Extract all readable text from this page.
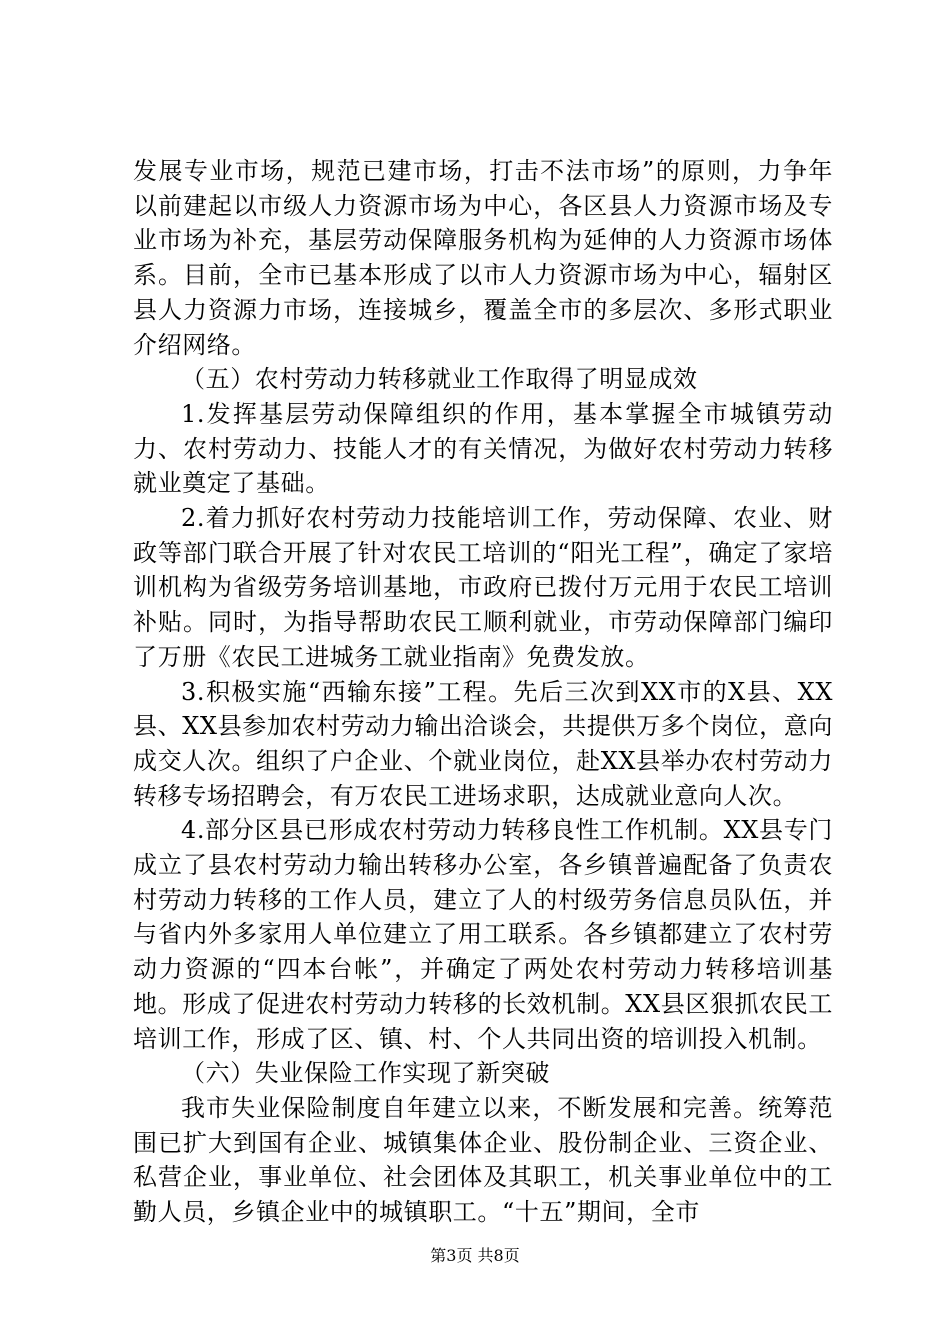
发展专业市场，规范已建市场，打击不法市场”的原则，力争年以前建起以市级人力资源市场为中心，各区县人力资源市场及专业市场为补充，基层劳动保障服务机构为延伸的人力资源市场体系。目前，全市已基本形成了以市人力资源市场为中心，辐射区县人力资源力市场，连接城乡，覆盖全市的多层次、多形式职业介绍网络。

（五）农村劳动力转移就业工作取得了明显成效

1.发挥基层劳动保障组织的作用，基本掌握全市城镇劳动力、农村劳动力、技能人才的有关情况，为做好农村劳动力转移就业奠定了基础。

2.着力抓好农村劳动力技能培训工作，劳动保障、农业、财政等部门联合开展了针对农民工培训的“阳光工程”，确定了家培训机构为省级劳务培训基地，市政府已拨付万元用于农民工培训补贴。同时，为指导帮助农民工顺利就业，市劳动保障部门编印了万册《农民工进城务工就业指南》免费发放。

3.积极实施“西输东接”工程。先后三次到XX市的X县、XX县、XX县参加农村劳动力输出洽谈会，共提供万多个岗位，意向成交人次。组织了户企业、个就业岗位，赴XX县举办农村劳动力转移专场招聘会，有万农民工进场求职，达成就业意向人次。

4.部分区县已形成农村劳动力转移良性工作机制。XX县专门成立了县农村劳动力输出转移办公室，各乡镇普遍配备了负责农村劳动力转移的工作人员，建立了人的村级劳务信息员队伍，并与省内外多家用人单位建立了用工联系。各乡镇都建立了农村劳动力资源的“四本台帐”，并确定了两处农村劳动力转移培训基地。形成了促进农村劳动力转移的长效机制。XX县区狠抓农民工培训工作，形成了区、镇、村、个人共同出资的培训投入机制。

（六）失业保险工作实现了新突破

我市失业保险制度自年建立以来，不断发展和完善。统筹范围已扩大到国有企业、城镇集体企业、股份制企业、三资企业、私营企业，事业单位、社会团体及其职工，机关事业单位中的工勤人员，乡镇企业中的城镇职工。“十五”期间，全市

第3页 共8页
